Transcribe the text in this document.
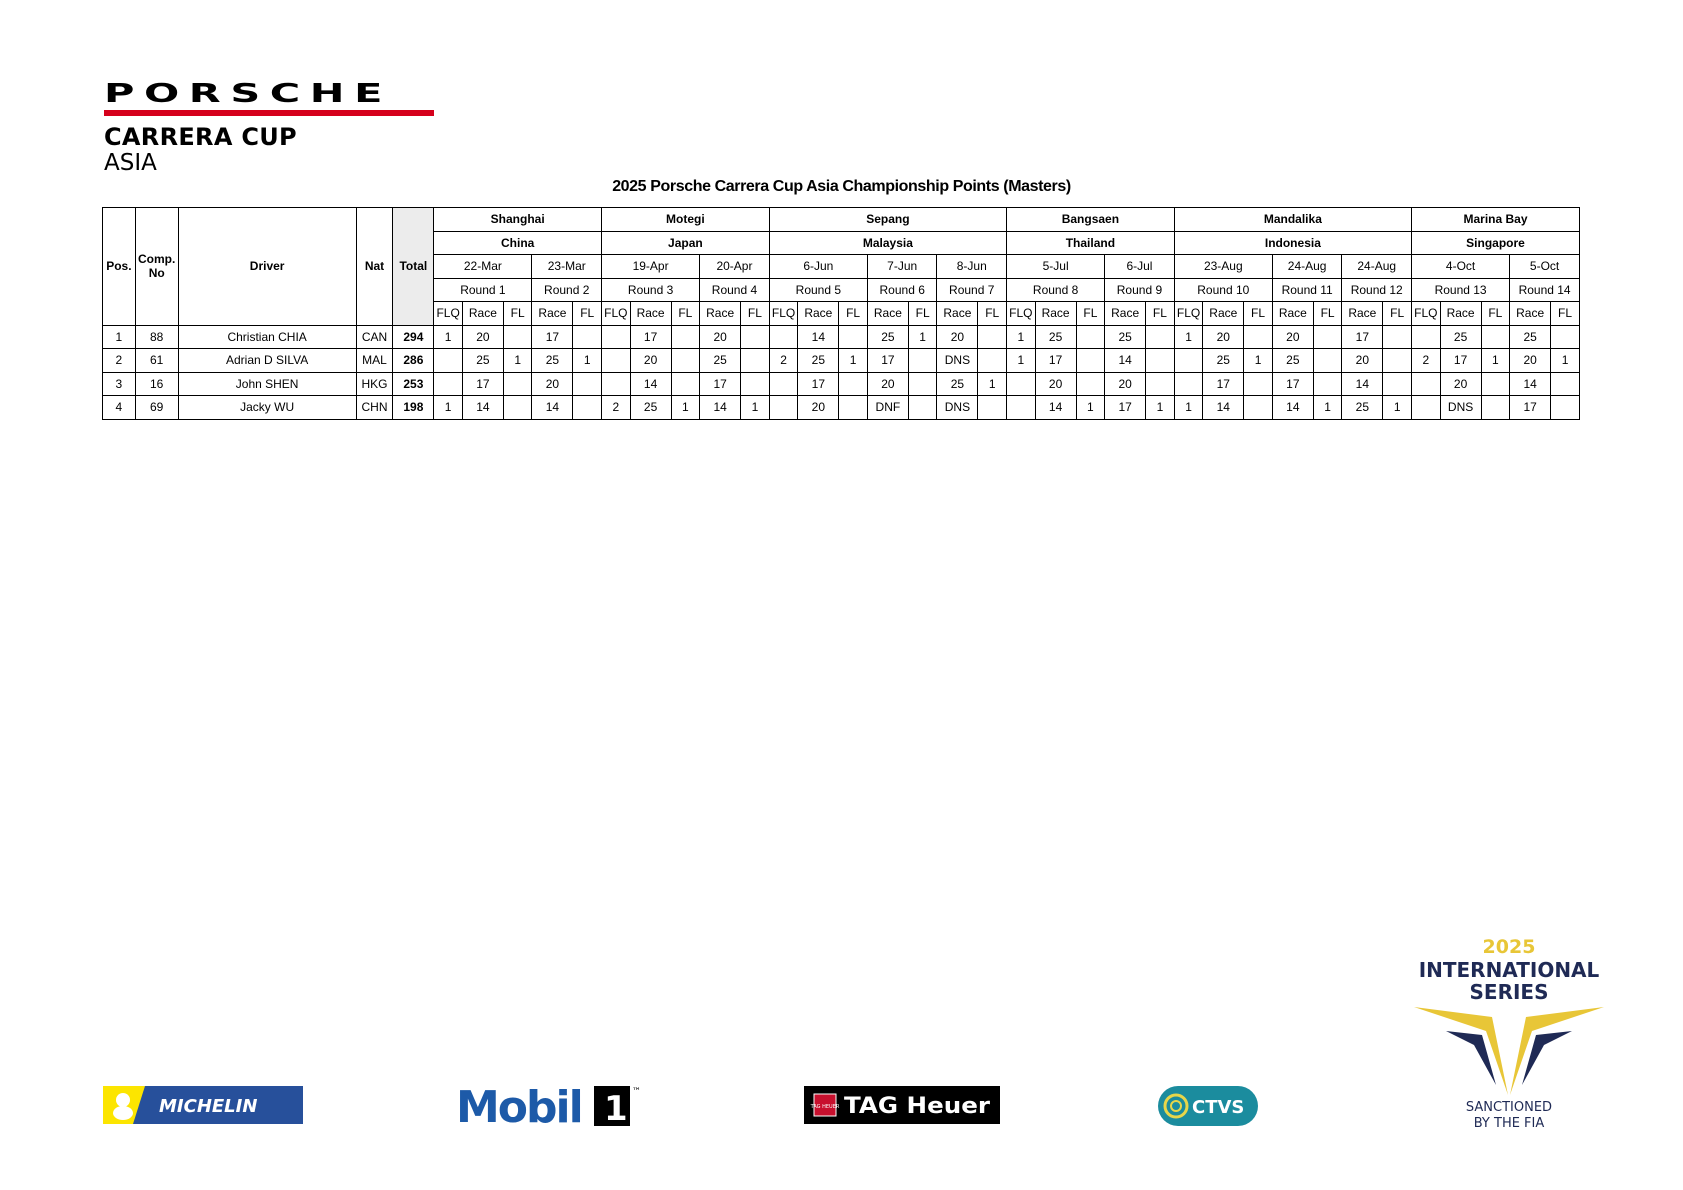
PORSCHE
CARRERA CUP
ASIA
2025 Porsche Carrera Cup Asia Championship Points (Masters)
Pos.	Comp. No	Driver	Nat	Total	Shanghai					Motegi					Sepang							Bangsaen					Mandalika							Marina Bay				
					China					Japan					Malaysia							Thailand					Indonesia							Singapore				
					22-Mar			23-Mar		19-Apr			20-Apr		6-Jun			7-Jun		8-Jun		5-Jul			6-Jul		23-Aug			24-Aug		24-Aug		4-Oct			5-Oct	
					Round 1			Round 2		Round 3			Round 4		Round 5			Round 6		Round 7		Round 8			Round 9		Round 10			Round 11		Round 12		Round 13			Round 14	
					FLQ	Race	FL	Race	FL	FLQ	Race	FL	Race	FL	FLQ	Race	FL	Race	FL	Race	FL	FLQ	Race	FL	Race	FL	FLQ	Race	FL	Race	FL	Race	FL	FLQ	Race	FL	Race	FL
1	88	Christian CHIA	CAN	294	1	20		17			17		20			14		25	1	20		1	25		25		1	20		20		17			25		25	
2	61	Adrian D SILVA	MAL	286		25	1	25	1		20		25		2	25	1	17		DNS		1	17		14			25	1	25		20		2	17	1	20	1
3	16	John SHEN	HKG	253		17		20			14		17			17		20		25	1		20		20			17		17		14			20		14	
4	69	Jacky WU	CHN	198	1	14		14		2	25	1	14	1		20		DNF		DNS			14	1	17	1	1	14		14	1	25	1		DNS		17	
MICHELIN	Mobil 1 ™
TAG HEUER TAG Heuer	CTVS
2025
INTERNATIONAL
SERIES
SANCTIONED
BY THE FIA
